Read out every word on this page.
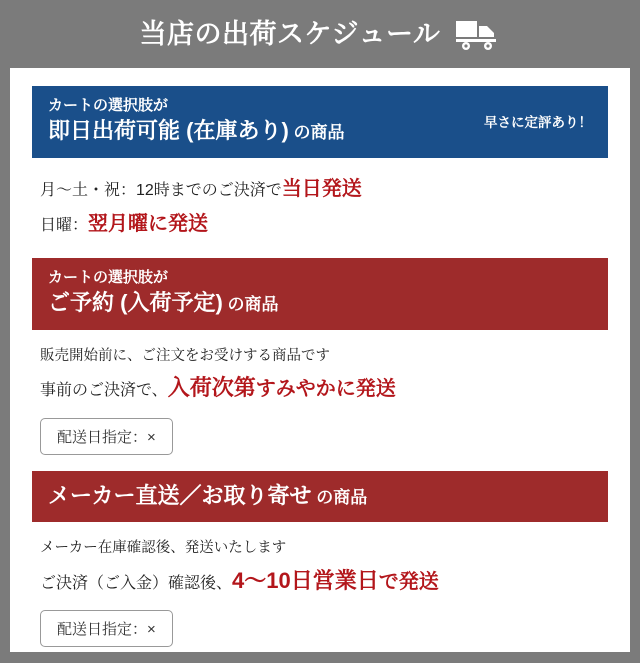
当店の出荷スケジュール
カートの選択肢が
即日出荷可能 (在庫あり) の商品
早さに定評あり！
月～土・祝：12時までのご決済で当日発送
日曜：翌月曜に発送
カートの選択肢が
ご予約 (入荷予定) の商品
販売開始前に、ご注文をお受けする商品です
事前のご決済で、入荷次第すみやかに発送
配送日指定：×
メーカー直送／お取り寄せ の商品
メーカー在庫確認後、発送いたします
ご決済（ご入金）確認後、4～10日営業日で発送
配送日指定：×
